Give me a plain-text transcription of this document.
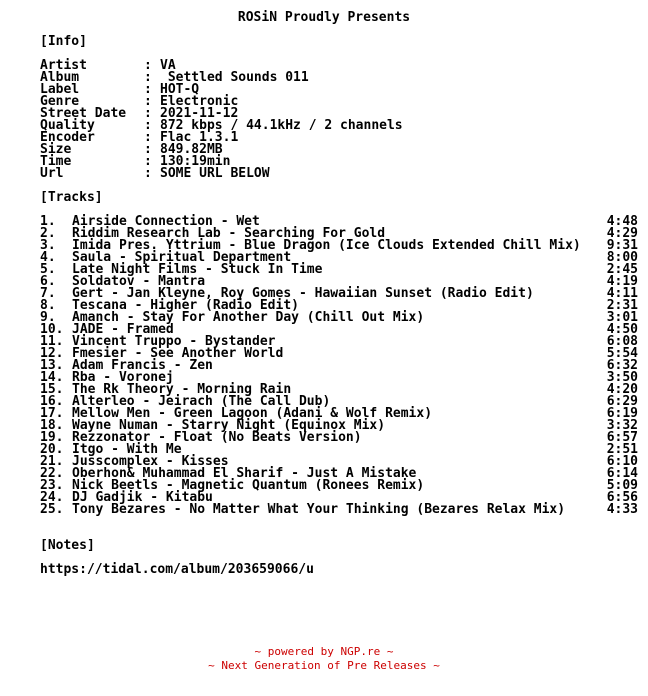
ROSiN Proudly Presents
[Info]
Artist	VA
Album	Settled Sounds 011
Label	HOT-Q
Genre	Electronic
Street Date	2021-11-12
Quality	872 kbps / 44.1kHz / 2 channels
Encoder	Flac 1.3.1
Size	849.82MB
Time	130:19min
Url	SOME URL BELOW
:
:
:
:
:
:
:
:
:
:
[Tracks]
1. Airside Connection - Wet	4:48
2. Riddim Research Lab - Searching For Gold	4:29
3. Imida Pres. Yttrium - Blue Dragon (Ice Clouds Extended Chill Mix) 9:31
4. Saula - Spiritual Department	8:00
5. Late Night Films - Stuck In Time	2:45
6. Soldatov - Mantra	4:19
7. Gert - Jan Kleyne, Roy Gomes - Hawaiian Sunset (Radio Edit)	4:11
8. Tescana - Higher (Radio Edit)	2:31
9. Amanch - Stay For Another Day (Chill Out Mix)	3:01
10. JADE - Framed	4:50
11. Vincent Truppo - Bystander	6:08
12. Fmesier - See Another World	5:54
13. Adam Francis - Zen	6:32
14. Rba - Voronej	3:50
15. The Rk Theory - Morning Rain	4:20
16. Alterleo - Jeirach (The Call Dub)	6:29
17. Mellow Men - Green Lagoon (Adani & Wolf Remix)	6:19
18. Wayne Numan - Starry Night (Equinox Mix)	3:32
19. Rezzonator - Float (No Beats Version)	6:57
20. Itgo - With Me	2:51
21. Jusscomplex - Kisses	6:10
22. Oberhon& Muhammad El Sharif - Just A Mistake	6:14
23. Nick Beetls - Magnetic Quantum (Ronees Remix)	5:09
24. DJ Gadjik - Kitabu	6:56
25. Tony Bezares - No Matter What Your Thinking (Bezares Relax Mix)	4:33
[Notes]
https://tidal.com/album/203659066/u
~ powered by NGP.re ~
~ Next Generation of Pre Releases ~
